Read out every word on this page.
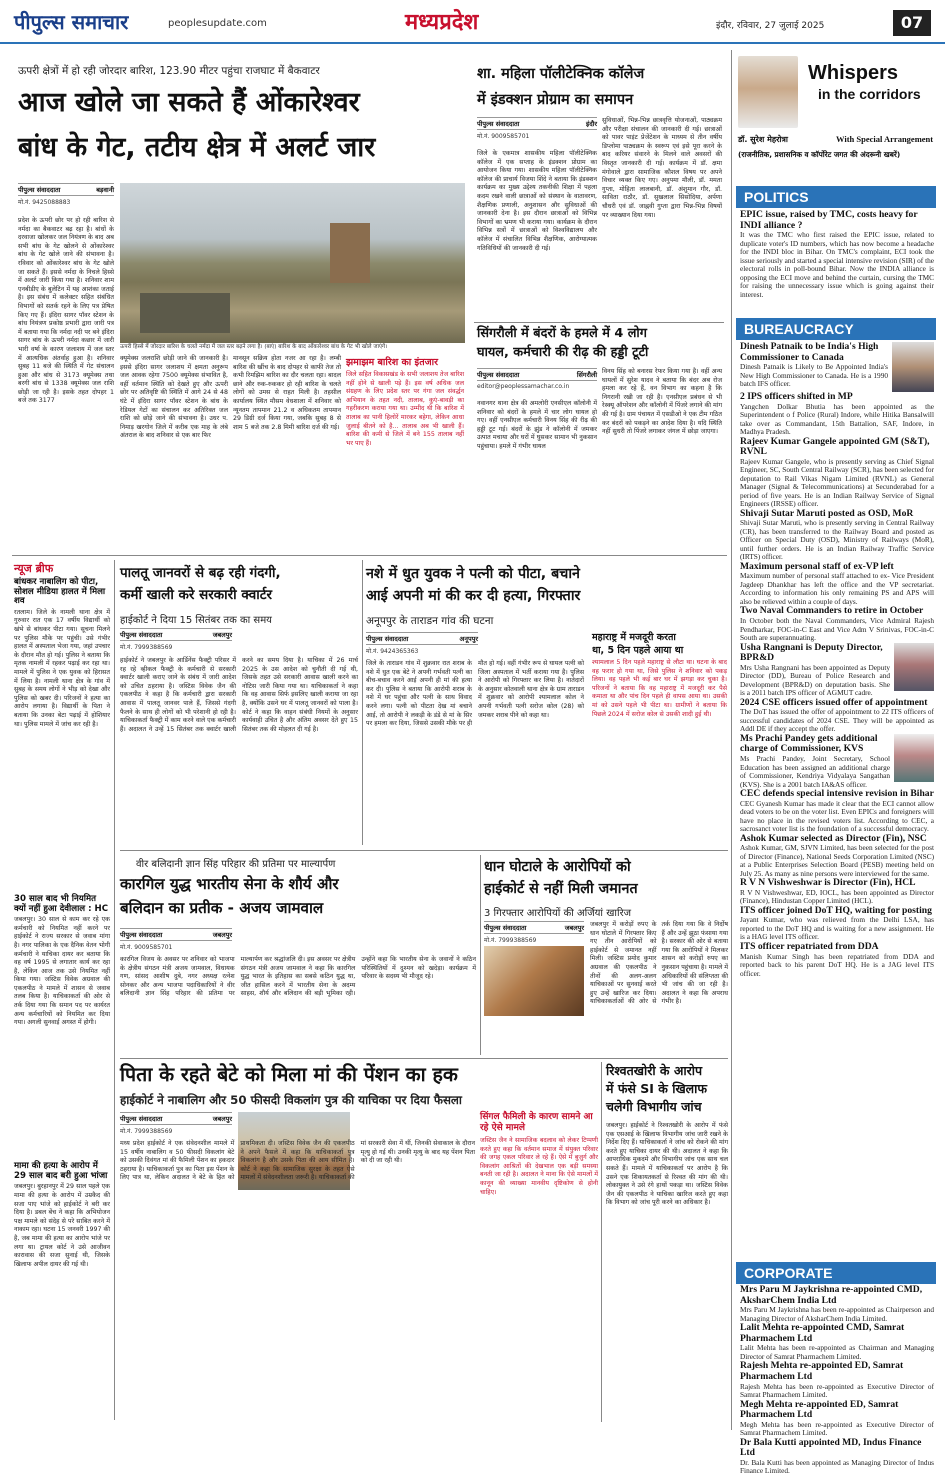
पीपुल्स समाचार	peoplesupdate.com	मध्यप्रदेश	इंदौर, रविवार, 27 जुलाई 2025	07
ऊपरी क्षेत्रों में हो रही जोरदार बारिश, 123.90 मीटर पहुंचा राजघाट में बैकवाटर
आज खोले जा सकते हैं ओंकारेश्वर
बांध के गेट, तटीय क्षेत्र में अलर्ट जार
पीपुल्स संवाददाता	बड़वानी
मो.नं. 9425088883
प्रदेश के ऊपरी छोर पर हो रही बारिश से नर्मदा का बैकवाटर बढ़ रहा है। बांधों के दरवाजा खोलकर जल नियंत्रण के बाद अब सभी बांध के गेट खोलने से ओंकारेश्वर बांध के गेट खोले जाने की संभावना है। रविवार को ओंकारेश्वर बांध के गेट खोले जा सकते हैं। इससे नर्मदा के निचले हिस्से में अलर्ट जारी किया गया है। शनिवार शाम एनबीडीए के बुलेटिन में यह आशंका जताई है। इस संबंध में कलेक्टर सहित संबंधित विभागों को सतर्क रहने के लिए पत्र प्रेषित किए गए हैं। इंदिरा सागर पॉवर स्टेशन के बांध नियंत्रण प्रकोष्ठ प्रभारी द्वारा जारी पत्र में बताया गया कि नर्मदा नदी पर बने इंदिरा सागर बांध के ऊपरी नर्मदा कछार में जारी भारी वर्षा के कारण जलाशय में जल स्तर में आत्यधिक अंतर्वाह हुआ है। शनिवार सुबह 11 बजे की स्थिति में गेट संचालन हुआ और बांध से 3173 क्यूमेक्स तथा बरगी बांध से 1338 क्यूमेक्स जल राशि छोड़ी जा रही है। इसके तहत दोपहर 1 बजे तक 3177
ऊपरी हिस्से में जोरदार बारिश के चलते नर्मदा में जल स्तर बढ़ने लगा है। (बाएं) बारिश के बाद ओंकारेश्वर बांध के गेट भी खोले जाएंगे।
क्यूमेक्स जलराशि छोड़ी जाने की जानकारी है। इससे इंदिरा सागर जलाशय में क्षमता अनुरूप जल आवक रहेगा 7500 क्यूमेक्स संभावित है, वहीं वर्तमान स्थिति को देखते हुए और ऊपरी छोर पर अतिवृष्टि की स्थिति में आगे 24 से 48 घंटे में इंदिरा सागर पॉवर स्टेशन के बांध के रेडियल गेटों का संचालन कर अतिरिक्त जल राशि को छोड़े जाने की संभावना है। उधर प. निमाड़ खरगोन जिले में करीब एक माह के लंबे अंतराल के बाद शनिवार से एक बार फिर
मानसून सक्रिय होता नजर आ रहा है। लम्बी बारिश की खींच के बाद दोपहर से काफी तेज तो कभी रिमझिम बारिश का दौर चलता रहा। बादल छाने और रुक-रुककर हो रही बारिश के चलते लोगों को उमस से राहत मिली है। तहसील कार्यालय स्थित मौसम वेधशाला में शनिवार को न्यूनतम तापमान 21.2 व अधिकतम तापमान 29 डिग्री दर्ज किया गया, जबकि सुबह 8 से शाम 5 बजे तक 2.8 मिमी बारिश दर्ज की गई।
झमाझम बारिश का इंतजार
जिले सहित विकासखंड के सभी जलाशय तेज बारिश नहीं होने से खाली पड़े हैं। इस वर्ष अधिक जल संग्रहण के लिए प्रदेश स्तर पर गंगा जल संवर्द्धन अभियान के तहत नदी, तालाब, कुएं-बावड़ी का गहरीकरण कराया गया था। उम्मीद थी कि बारिश में तालाब का पानी हिलोरें मारकर बहेगा, लेकिन आधा जुलाई बीतने को है... तालाब अब भी खाली हैं। बारिश की कमी से जिले में बने 155 तालाब नहीं भर पाए हैं।
शा. महिला पॉलीटेक्निक कॉलेज
में इंडक्शन प्रोग्राम का समापन
पीपुल्स संवाददाता	इंदौर
मो.नं. 9009585701
जिले के एकमात्र शासकीय महिला पॉलीटेक्निक कॉलेज में एक सप्ताह के इंडक्शन प्रोग्राम का आयोजन किया गया। शासकीय महिला पॉलीटेक्निक कॉलेज की प्राचार्य विजया शिंदे ने बताया कि इंडक्शन कार्यक्रम का मुख्य उद्देश्य तकनीकी शिक्षा में पहला कदम रखने वाली छात्राओं को संस्थान के वातावरण, शैक्षणिक प्रणाली, अनुशासन और सुविधाओं की जानकारी देना है। इस दौरान छात्राओं को विभिन्न विभागों का भ्रमण भी कराया गया। कार्यक्रम के दौरान विभिन्न सत्रों में छात्राओं को विश्वविद्यालय और कॉलेज में संचालित विभिन्न शैक्षणिक, आरोग्यात्मक गतिविधियों की जानकारी दी गई।
सुविधाओं, भिन्न-भिन्न छात्रवृत्ति योजनाओं, पाठ्यक्रम और परीक्षा संचालन की जानकारी दी गई। छात्राओं को पावर पाइंट प्रेजेंटेशन के माध्यम से तीन वर्षीय डिप्लोमा पाठ्यक्रम के स्वरूप एवं इसे पूरा करने के बाद करियर संवारने के मिलने वाले अवसरों की विस्तृत जानकारी दी गई। कार्यक्रम में डॉ. क्षमा मंगोवाले द्वारा सामाजिक कौशल विषय पर अपने विचार व्यक्त किए गए। अनुपमा मौली, डॉ. ममता गुप्ता, मोहिता लालबानी, डॉ. अंशुमान गौर, डॉ. साविता राठौर, डॉ. सुखलाल सिसोदिया, अर्पणा चौधरी एवं डॉ. जाह्नवी गुप्ता द्वारा भिन्न-भिन्न विषयों पर व्याख्यान दिया गया।
सिंगरौली में बंदरों के हमले में 4 लोग
घायल, कर्मचारी की रीढ़ की हड्डी टूटी
पीपुल्स संवाददाता	सिंगरौली
editor@peoplessamachar.co.in
नवानगर थाना क्षेत्र की अमलोरी एनसीएल कॉलोनी में शनिवार को बंदरों के हमले में चार लोग घायल हो गए। वहीं एनसीएल कर्मचारी विनय सिंह की रीढ़ की हड्डी टूट गई। बंदरों के झुंड ने कॉलोनी में जमकर उत्पात मचाया और घरों में घुसकर सामान भी नुकसान पहुंचाया। हमले में गंभीर घायल
विनय सिंह को बनारस रेफर किया गया है। वहीं अन्य घायलों में सुरेश यादव ने बताया कि बंदर अब रोज हमला कर रहे हैं, वन विभाग का कहना है कि निगरानी रखी जा रही है। एनसीएल प्रबंधन से भी रेस्क्यू ऑपरेशन और कॉलोनी में पिंजरे लगाने की मांग की गई है। ग्राम पंचायत में एसडीओ ने एक टीम गठित कर बंदरों को पकड़ने का आदेश दिया है। यदि स्थिति नहीं सुधरी तो पिंजरे लगाकर जंगल में छोड़ा जाएगा।
न्यूज ब्रीफ
बांधकर नाबालिग को पीटा, सोशल मीडिया हालत में मिला शव
रतलाम। जिले के नामली थाना क्षेत्र में गुरुवार रात एक 17 वर्षीय विद्यार्थी को खंभे से बांधकर पीटा गया। सूचना मिलने पर पुलिस मौके पर पहुंची। उसे गंभीर हालत में अस्पताल भेजा गया, जहां उपचार के दौरान मौत हो गई। पुलिस ने बताया कि मृतक नामली में रहकर पढ़ाई कर रहा था। मामले में पुलिस ने एक युवक को हिरासत में लिया है। नामली थाना क्षेत्र के गांव में सुबह के समय लोगों ने भीड़ को देखा और पुलिस को खबर दी। परिजनों ने हत्या का आरोप लगाया है। विद्यार्थी के पिता ने बताया कि उनका बेटा पढ़ाई में होशियार था। पुलिस मामले में जांच कर रही है।
30 साल बाद भी नियमित क्यों नहीं हुआ देवीलाल : HC
जबलपुर। 30 साल से काम कर रहे एक कर्मचारी को नियमित नहीं करने पर हाईकोर्ट ने राज्य सरकार से जवाब मांगा है। नगर पालिका के एक दैनिक वेतन भोगी कर्मचारी ने याचिका दायर कर बताया कि वह वर्ष 1995 से लगातार कार्य कर रहा है, लेकिन आज तक उसे नियमित नहीं किया गया। जस्टिस विवेक अग्रवाल की एकलपीठ ने मामले में शासन से जवाब तलब किया है। याचिकाकर्ता की ओर से तर्क दिया गया कि समान पद पर कार्यरत अन्य कर्मचारियों को नियमित कर दिया गया। अगली सुनवाई अगस्त में होगी।
मामा की हत्या के आरोप में 29 साल बाद बरी हुआ भांजा
जबलपुर। बुरहानपुर में 29 साल पहले एक मामा की हत्या के आरोप में उम्रकैद की सजा पाए भांजे को हाईकोर्ट ने बरी कर दिया है। डबल बेंच ने कहा कि अभियोजन पक्ष मामले को संदेह से परे साबित करने में नाकाम रहा। घटना 15 जनवरी 1997 की है, जब मामा की हत्या का आरोप भांजे पर लगा था। ट्रायल कोर्ट ने उसे आजीवन कारावास की सजा सुनाई थी, जिसके खिलाफ अपील दायर की गई थी।
पालतू जानवरों से बढ़ रही गंदगी,
कर्मी खाली करे सरकारी क्वार्टर
हाईकोर्ट ने दिया 15 सितंबर तक का समय
पीपुल्स संवाददाता	जबलपुर
मो.नं. 7999388569
हाईकोर्ट ने जबलपुर के आर्डिनेंस फैक्ट्री परिसर में रह रहे व्हीकल फैक्ट्री के कर्मचारी से सरकारी क्वार्टर खाली कराए जाने के संबंध में जारी आदेश को उचित ठहराया है। जस्टिस विवेक जैन की एकलपीठ ने कहा है कि कर्मचारी द्वारा सरकारी आवास में पालतू जानवर पाले हैं, जिससे गंदगी फैलने के साथ ही लोगों को भी परेशानी हो रही है। याचिकाकर्ता फैक्ट्री में काम करने वाले एक कर्मचारी हैं। अदालत ने उन्हें 15 सितंबर तक क्वार्टर खाली करने का समय दिया है। याचिका में 26 मार्च 2025 के उस आदेश को चुनौती दी गई थी, जिसके तहत उसे सरकारी आवास खाली करने का नोटिस जारी किया गया था। याचिकाकर्ता ने कहा कि वह आवास सिर्फ इसलिए खाली कराया जा रहा है, क्योंकि उसने घर में पालतू जानवरों को पाला है। कोर्ट ने कहा कि वाहन संबंधी नियमों के अनुसार कार्यवाही उचित है और अंतिम अवसर देते हुए 15 सितंबर तक की मोहलत दी गई है।
नशे में धुत युवक ने पत्नी को पीटा, बचाने
आई अपनी मां की कर दी हत्या, गिरफ्तार
अनूपपुर के ताराडन गांव की घटना
पीपुल्स संवाददाता	अनूपपुर
मो.नं. 9424365363
जिले के ताराडन गांव में शुक्रवार रात शराब के नशे में धुत एक बेटे ने अपनी गर्भवती पत्नी का बीच-बचाव करने आई अपनी ही मां की हत्या कर दी। पुलिस ने बताया कि आरोपी शराब के नशे में घर पहुंचा और पत्नी के साथ विवाद करने लगा। पत्नी को पीटता देख मां बचाने आई, तो आरोपी ने लकड़ी के डंडे से मां के सिर पर हमला कर दिया, जिससे उसकी मौके पर ही मौत हो गई। वहीं गंभीर रूप से घायल पत्नी को जिला अस्पताल में भर्ती कराया गया है। पुलिस ने आरोपी को गिरफ्तार कर लिया है। नातेदारों के अनुसार कोतवाली थाना क्षेत्र के ग्राम ताराडन में शुक्रवार को आरोपी श्यामलाल कोल ने अपनी गर्भवती पत्नी सरोज कोल (28) को जमकर शराब पीने को कहा था।
महाराष्ट्र में मजदूरी करता
था, 5 दिन पहले आया था
श्यामलाल 5 दिन पहले महाराष्ट्र से लौटा था। घटना के बाद वह फरार हो गया था, जिसे पुलिस ने शनिवार को पकड़ लिया। वह पहले भी कई बार घर में झगड़ा कर चुका है। परिजनों ने बताया कि वह महाराष्ट्र में मजदूरी कर पैसे कमाता था और पांच दिन पहले ही वापस आया था। उसकी मां को उसने पहले भी पीटा था। ग्रामीणों ने बताया कि पिछले 2024 में सरोज कोल से उसकी शादी हुई थी।
वीर बलिदानी ज्ञान सिंह परिहार की प्रतिमा पर माल्यार्पण
कारगिल युद्ध भारतीय सेना के शौर्य और
बलिदान का प्रतीक - अजय जामवाल
पीपुल्स संवाददाता	जबलपुर
मो.नं. 9009585701
कारगिल विजय के अवसर पर शनिवार को भाजपा के क्षेत्रीय संगठन मंत्री अजय जामवाल, विधायक गण, सांसद आशीष दुबे, नगर अध्यक्ष रत्नेश सोनकर और अन्य भाजपा पदाधिकारियों ने वीर बलिदानी ज्ञान सिंह परिहार की प्रतिमा पर माल्यार्पण कर श्रद्धांजलि दी। इस अवसर पर क्षेत्रीय संगठन मंत्री अजय जामवाल ने कहा कि कारगिल युद्ध भारत के इतिहास का सबसे कठिन युद्ध था, जीत हासिल करने में भारतीय सेना के अदम्य साहस, शौर्य और बलिदान की बड़ी भूमिका रही। उन्होंने कहा कि भारतीय सेना के जवानों ने कठिन परिस्थितियों में दुश्मन को खदेड़ा। कार्यक्रम में परिवार के सदस्य भी मौजूद रहे।
धान घोटाले के आरोपियों को
हाईकोर्ट से नहीं मिली जमानत
3 गिरफ्तार आरोपियों की अर्जियां खारिज
पीपुल्स संवाददाता	जबलपुर
मो.नं. 7999388569
जबलपुर में करोड़ों रुपए के धान घोटाले में गिरफ्तार किए गए तीन आरोपियों को हाईकोर्ट से जमानत नहीं मिली। जस्टिस प्रमोद कुमार अग्रवाल की एकलपीठ ने तीनों की अलग-अलग याचिकाओं पर सुनवाई करते हुए उन्हें खारिज कर दिया। याचिकाकर्ताओं की ओर से तर्क दिया गया कि वे निर्दोष हैं और उन्हें झूठा फंसाया गया है। सरकार की ओर से बताया गया कि आरोपियों ने मिलकर शासन को करोड़ों रुपए का नुकसान पहुंचाया है। मामले में अधिकारियों की संलिप्तता की भी जांच की जा रही है। अदालत ने कहा कि अपराध गंभीर है।
पिता के रहते बेटे को मिला मां की पेंशन का हक
हाईकोर्ट ने नाबालिग और 50 फीसदी विकलांग पुत्र की याचिका पर दिया फैसला
पीपुल्स संवाददाता	जबलपुर
मो.नं. 7999388569
मध्य प्रदेश हाईकोर्ट ने एक संवेदनशील मामले में 15 वर्षीय नाबालिग व 50 फीसदी विकलांग बेटे को उसकी दिवंगत मां की फैमिली पेंशन का हकदार ठहराया है। याचिकाकर्ता पुत्र का पिता इस पेंशन के लिए पात्र था, लेकिन अदालत ने बेटे के हित को प्राथमिकता दी। जस्टिस विवेक जैन की एकलपीठ ने अपने फैसले में कहा कि याचिकाकर्ता पुत्र विकलांग है और उसके पिता की आय सीमित है। कोर्ट ने कहा कि सामाजिक सुरक्षा के तहत ऐसे मामलों में संवेदनशीलता जरूरी है। याचिकाकर्ता की मां सरकारी सेवा में थीं, जिनकी सेवाकाल के दौरान मृत्यु हो गई थी। उनकी मृत्यु के बाद यह पेंशन पिता को दी जा रही थी।
सिंगल फैमिली के कारण सामने आ रहे ऐसे मामले
जस्टिस जैन ने सामाजिक बदलाव को लेकर टिप्पणी करते हुए कहा कि वर्तमान समाज में संयुक्त परिवार की जगह एकल परिवार ले रहे हैं। ऐसे में बुजुर्ग और विकलांग आश्रितों की देखभाल एक बड़ी समस्या बनती जा रही है। अदालत ने माना कि ऐसे मामलों में कानून की व्याख्या मानवीय दृष्टिकोण से होनी चाहिए।
रिश्वतखोरी के आरोप
में फंसे SI के खिलाफ
चलेगी विभागीय जांच
जबलपुर। हाईकोर्ट ने रिश्वतखोरी के आरोप में फंसे एक एसआई के खिलाफ विभागीय जांच जारी रखने के निर्देश दिए हैं। याचिकाकर्ता ने जांच को रोकने की मांग करते हुए याचिका दायर की थी। अदालत ने कहा कि आपराधिक मुकदमे और विभागीय जांच एक साथ चल सकते हैं। मामले में याचिकाकर्ता पर आरोप है कि उसने एक शिकायतकर्ता से रिश्वत की मांग की थी। लोकायुक्त ने उसे रंगे हाथों पकड़ा था। जस्टिस विवेक जैन की एकलपीठ ने याचिका खारिज करते हुए कहा कि विभाग को जांच पूरी करने का अधिकार है।
Whispers
in the corridors
डॉ. सुरेश मेहरोत्रा	With Special Arrangement
(राजनीतिक, प्रशासनिक व कॉर्पोरेट जगत की अंदरूनी खबरें)
POLITICS
EPIC issue, raised by TMC, costs heavy for INDI alliance ?
It was the TMC who first raised the EPIC issue, related to duplicate voter's ID numbers, which has now become a headache for the INDI bloc in Bihar. On TMC's complaint, ECI took the issue seriously and started a special intensive revision (SIR) of the electoral rolls in poll-bound Bihar. Now the INDIA alliance is opposing the ECI move and behind the curtain, cursing the TMC for raising the unnecessary issue which is going against their interest.
BUREAUCRACY
Dinesh Patnaik to be India's High Commissioner to Canada
Dinesh Patnaik is Likely to Be Appointed India's New High Commissioner to Canada. He is a 1990 batch IFS officer.
2 IPS officers shifted in MP
Yangchen Dolkar Bhutia has been appointed as the Superintendent o f Police (Rural) Indore, while Hitika Bansalwill take over as Commandant, 15th Battalion, SAF, Indore, in Madhya Pradesh.
Rajeev Kumar Gangele appointed GM (S&T), RVNL
Rajeev Kumar Gangele, who is presently serving as Chief Signal Engineer, SC, South Central Railway (SCR), has been selected for deputation to Rail Vikas Nigam Limited (RVNL) as General Manager (Signal & Telecommunications) at Secunderabad for a period of five years. He is an Indian Railway Service of Signal Engineers (IRSSE) officer.
Shivaji Sutar Maruti posted as OSD, MoR
Shivaji Sutar Maruti, who is presently serving in Central Railway (CR), has been transferred to the Railway Board and posted as Officer on Special Duty (OSD), Ministry of Railways (MoR), until further orders. He is an Indian Railway Traffic Service (IRTS) officer.
Maximum personal staff of ex-VP left
Maximum number of personal staff attached to ex- Vice President Jagdeep Dhankhar has left the office and the VP secretariat. According to information his only remaining PS and APS will also be relieved within a couple of days.
Two Naval Commanders to retire in October
In October both the Naval Commanders, Vice Admiral Rajesh Pendharkar, FOC-in-C East and Vice Adm V Srinivas, FOC-in-C South are superannuating.
Usha Rangnani is Deputy Director, BPR&D
Mrs Usha Rangnani has been appointed as Deputy Director (DD), Bureau of Police Research and Development (BPR&D) on deputation basis. She is a 2011 batch IPS officer of AGMUT cadre.
2024 CSE officers issued offer of appointment
The DoT has issued the offer of appointment to 22 ITS officers of successful candidates of 2024 CSE. They will be appointed as Addl DE if they accept the offer.
Ms Prachi Pandey gets additional charge of Commissioner, KVS
Ms Prachi Pandey, Joint Secretary, School Education has been assigned an additional charge of Commissioner, Kendriya Vidyalaya Sangathan (KVS). She is a 2001 batch IA&AS officer.
CEC defends special intensive revision in Bihar
CEC Gyanesh Kumar has made it clear that the ECI cannot allow dead voters to be on the voter list. Even EPICs and foreigners will have no place in the revised voters list. According to CEC, a sacrosanct voter list is the foundation of a successful democracy.
Ashok Kumar selected as Director (Fin), NSC
Ashok Kumar, GM, SJVN Limited, has been selected for the post of Director (Finance), National Seeds Corporation Limited (NSC) at a Public Enterprises Selection Board (PESB) meeting held on July 25. As many as nine persons were interviewed for the same.
R V N Vishweshwar is Director (Fin), HCL
R V N Vishweshwar, ED, IOCL, has been appointed as Director (Finance), Hindustan Copper Limited (HCL).
ITS officer joined DoT HQ, waiting for posting
Jayant Kumar, who was relieved from the Delhi LSA, has reported to the DoT HQ and is waiting for a new assignment. He is a HAG level ITS officer.
ITS officer repatriated from DDA
Manish Kumar Singh has been repatriated from DDA and reported back to his parent DoT HQ. He is a JAG level ITS officer.
CORPORATE
Mrs Paru M Jaykrishna re-appointed CMD, AksharChem India Ltd
Mrs Paru M Jaykrishna has been re-appointed as Chairperson and Managing Director of AksharChem India Limited.
Lalit Mehta re-appointed CMD, Samrat Pharmachem Ltd
Lalit Mehta has been re-appointed as Chairman and Managing Director of Samrat Pharmachem Limited.
Rajesh Mehta re-appointed ED, Samrat Pharmachem Ltd
Rajesh Mehta has been re-appointed as Executive Director of Samrat Pharmachem Limited.
Megh Mehta re-appointed ED, Samrat Pharmachem Ltd
Megh Mehta has been re-appointed as Executive Director of Samrat Pharmachem Limited.
Dr Bala Kutti appointed MD, Indus Finance Ltd
Dr. Bala Kutti has been appointed as Managing Director of Indus Finance Limited.
